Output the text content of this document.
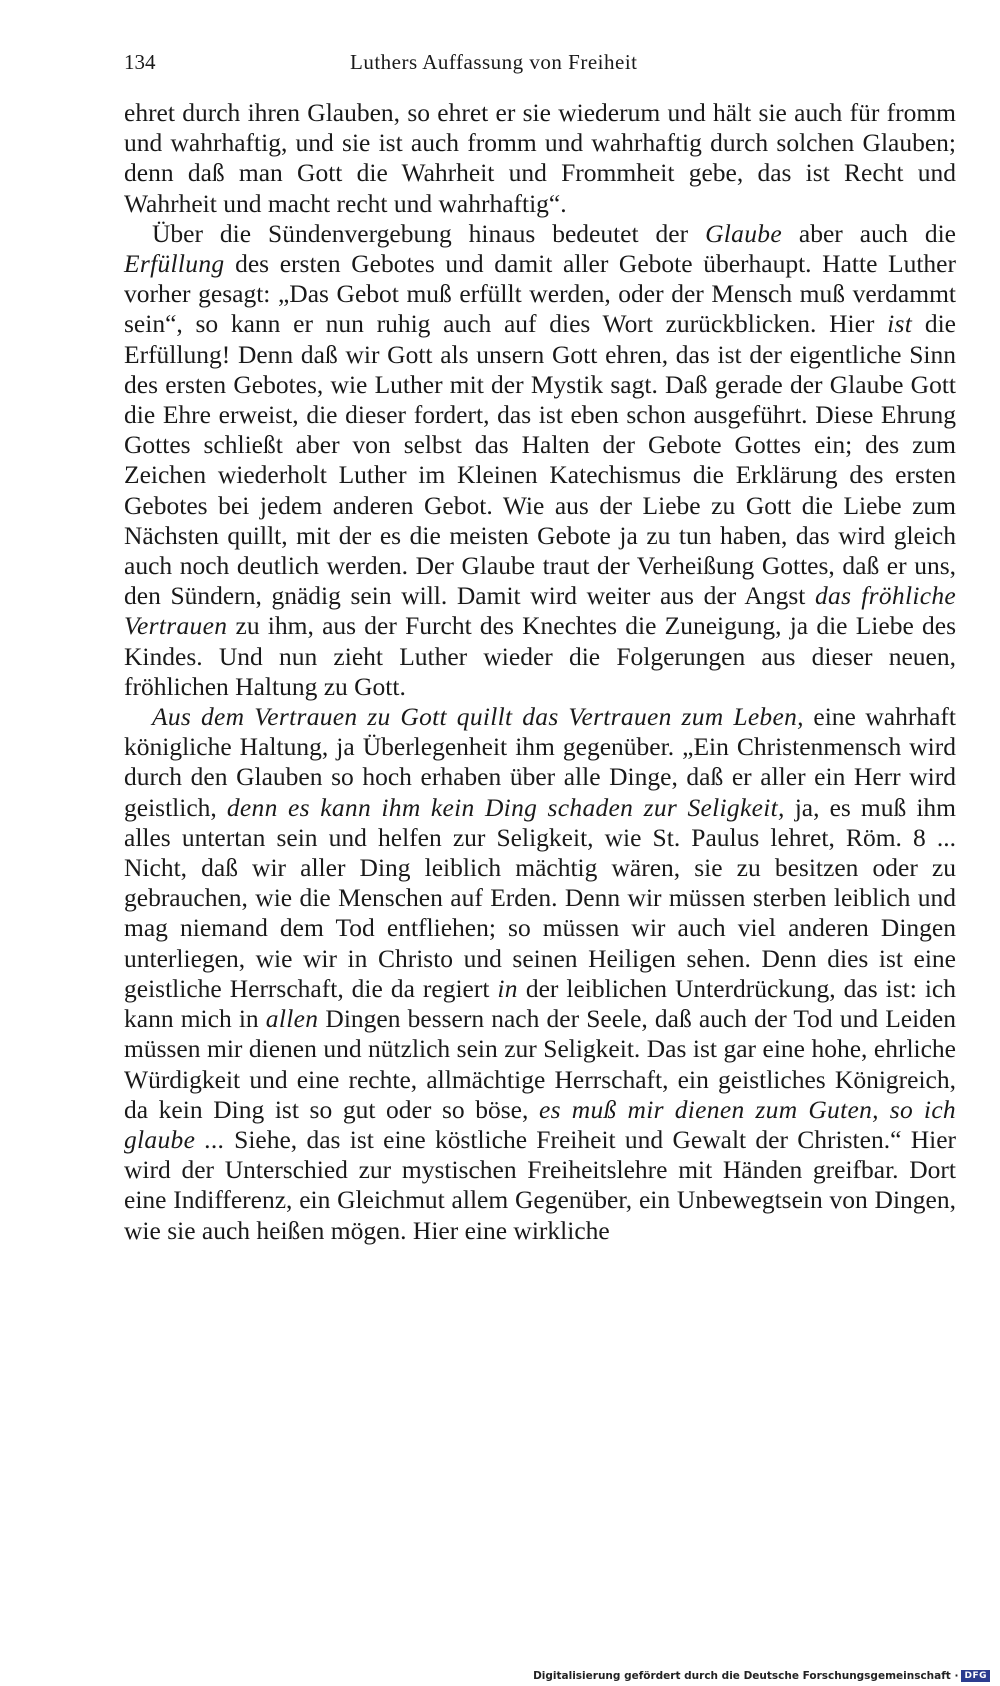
134	Luthers Auffassung von Freiheit

ehret durch ihren Glauben, so ehret er sie wiederum und hält sie auch für fromm und wahrhaftig, und sie ist auch fromm und wahrhaftig durch solchen Glauben; denn daß man Gott die Wahrheit und Frommheit gebe, das ist Recht und Wahrheit und macht recht und wahrhaftig“.

Über die Sündenvergebung hinaus bedeutet der Glaube aber auch die Erfüllung des ersten Gebotes und damit aller Gebote überhaupt. Hatte Luther vorher gesagt: „Das Gebot muß erfüllt werden, oder der Mensch muß verdammt sein“, so kann er nun ruhig auch auf dies Wort zurückblicken. Hier ist die Erfüllung! Denn daß wir Gott als unsern Gott ehren, das ist der eigentliche Sinn des ersten Gebotes, wie Luther mit der Mystik sagt. Daß gerade der Glaube Gott die Ehre erweist, die dieser fordert, das ist eben schon ausgeführt. Diese Ehrung Gottes schließt aber von selbst das Halten der Gebote Gottes ein; des zum Zeichen wiederholt Luther im Kleinen Katechismus die Erklärung des ersten Gebotes bei jedem anderen Gebot. Wie aus der Liebe zu Gott die Liebe zum Nächsten quillt, mit der es die meisten Gebote ja zu tun haben, das wird gleich auch noch deutlich werden. Der Glaube traut der Verheißung Gottes, daß er uns, den Sündern, gnädig sein will. Damit wird weiter aus der Angst das fröhliche Vertrauen zu ihm, aus der Furcht des Knechtes die Zuneigung, ja die Liebe des Kindes. Und nun zieht Luther wieder die Folgerungen aus dieser neuen, fröhlichen Haltung zu Gott.

Aus dem Vertrauen zu Gott quillt das Vertrauen zum Leben, eine wahrhaft königliche Haltung, ja Überlegenheit ihm gegenüber. „Ein Christenmensch wird durch den Glauben so hoch erhaben über alle Dinge, daß er aller ein Herr wird geistlich, denn es kann ihm kein Ding schaden zur Seligkeit, ja, es muß ihm alles untertan sein und helfen zur Seligkeit, wie St. Paulus lehret, Röm. 8 ... Nicht, daß wir aller Ding leiblich mächtig wären, sie zu besitzen oder zu gebrauchen, wie die Menschen auf Erden. Denn wir müssen sterben leiblich und mag niemand dem Tod entfliehen; so müssen wir auch viel anderen Dingen unterliegen, wie wir in Christo und seinen Heiligen sehen. Denn dies ist eine geistliche Herrschaft, die da regiert in der leiblichen Unterdrückung, das ist: ich kann mich in allen Dingen bessern nach der Seele, daß auch der Tod und Leiden müssen mir dienen und nützlich sein zur Seligkeit. Das ist gar eine hohe, ehrliche Würdigkeit und eine rechte, allmächtige Herrschaft, ein geistliches Königreich, da kein Ding ist so gut oder so böse, es muß mir dienen zum Guten, so ich glaube ... Siehe, das ist eine köstliche Freiheit und Gewalt der Christen.“ Hier wird der Unterschied zur mystischen Freiheitslehre mit Händen greifbar. Dort eine Indifferenz, ein Gleichmut allem Gegenüber, ein Unbewegtsein von Dingen, wie sie auch heißen mögen. Hier eine wirkliche

Digitalisierung gefördert durch die Deutsche Forschungsgemeinschaft · DFG
